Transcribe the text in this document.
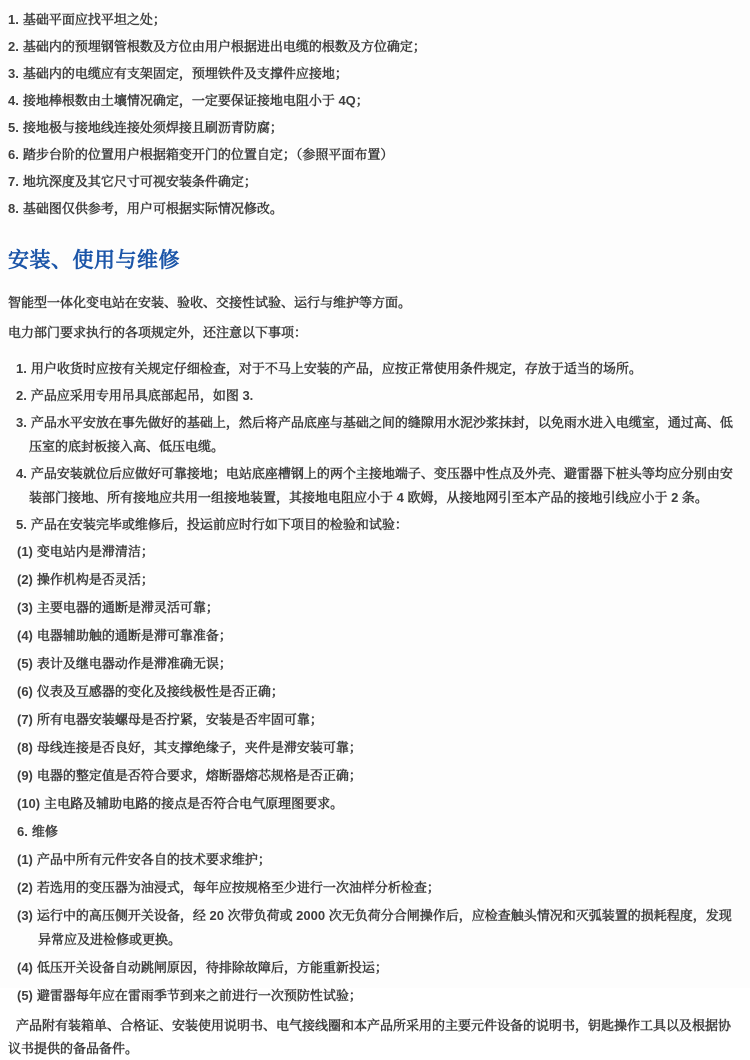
1. 基础平面应找平坦之处；
2. 基础内的预埋钢管根数及方位由用户根据进出电缆的根数及方位确定；
3. 基础内的电缆应有支架固定，预埋铁件及支撑件应接地；
4. 接地棒根数由土壤情况确定，一定要保证接地电阻小于 4Q；
5. 接地极与接地线连接处须焊接且刷沥青防腐；
6. 踏步台阶的位置用户根据箱变开门的位置自定；（参照平面布置）
7. 地坑深度及其它尺寸可视安装条件确定；
8. 基础图仅供参考，用户可根据实际情况修改。
安装、使用与维修

智能型一体化变电站在安装、验收、交接性试验、运行与维护等方面。

电力部门要求执行的各项规定外，还注意以下事项：

1. 用户收货时应按有关规定仔细检查，对于不马上安装的产品，应按正常使用条件规定，存放于适当的场所。
2. 产品应采用专用吊具底部起吊，如图 3.
3. 产品水平安放在事先做好的基础上，然后将产品底座与基础之间的缝隙用水泥沙浆抹封，以免雨水进入电缆室，通过高、低压室的底封板接入高、低压电缆。
4. 产品安装就位后应做好可靠接地；电站底座槽钢上的两个主接地端子、变压器中性点及外壳、避雷器下桩头等均应分别由安装部门接地、所有接地应共用一组接地装置，其接地电阻应小于 4 欧姆，从接地网引至本产品的接地引线应小于 2 条。
5. 产品在安装完毕或维修后，投运前应时行如下项目的检验和试验：
(1) 变电站内是滞清洁；
(2) 操作机构是否灵活；
(3) 主要电器的通断是滞灵活可靠；
(4) 电器辅助触的通断是滞可靠准备；
(5) 表计及继电器动作是滞准确无误；
(6) 仪表及互感器的变化及接线极性是否正确；
(7) 所有电器安装螺母是否拧紧，安装是否牢固可靠；
(8) 母线连接是否良好，其支撑绝缘子，夹件是滞安装可靠；
(9) 电器的整定值是否符合要求，熔断器熔芯规格是否正确；
(10) 主电路及辅助电路的接点是否符合电气原理图要求。
6. 维修
(1) 产品中所有元件安各自的技术要求维护；
(2) 若选用的变压器为油浸式，每年应按规格至少进行一次油样分析检查；
(3) 运行中的高压侧开关设备，经 20 次带负荷或 2000 次无负荷分合闸操作后，应检查触头情况和灭弧装置的损耗程度，发现异常应及进检修或更换。
(4) 低压开关设备自动跳闸原因，待排除故障后，方能重新投运；
(5) 避雷器每年应在雷雨季节到来之前进行一次预防性试验；

产品附有装箱单、合格证、安装使用说明书、电气接线圈和本产品所采用的主要元件设备的说明书，钥匙操作工具以及根据协议书提供的备品备件。
